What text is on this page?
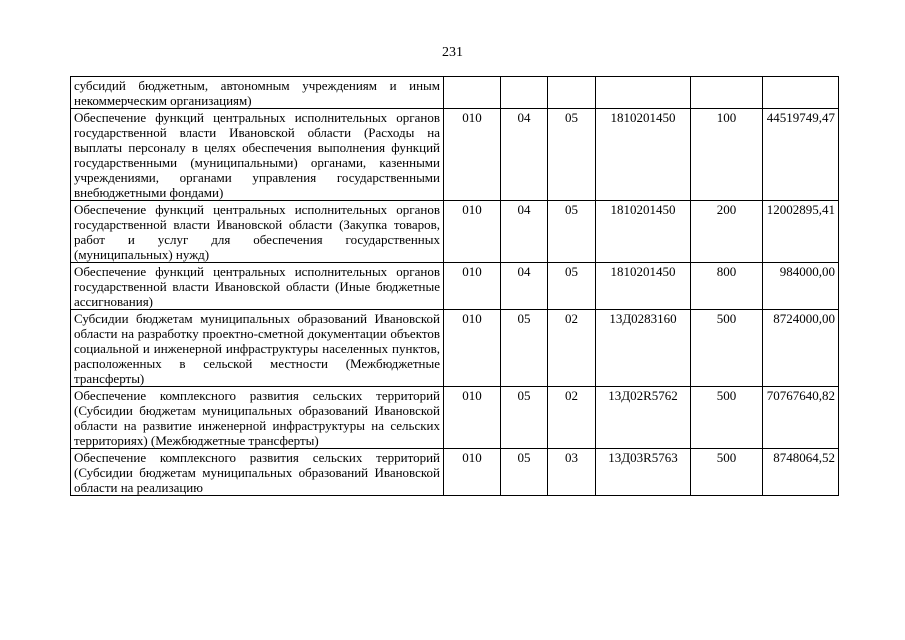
231
субсидий бюджетным, автономным учреждениям и иным некоммерческим организациям)						
Обеспечение функций центральных исполнительных органов государственной власти Ивановской области (Расходы на выплаты персоналу в целях обеспечения выполнения функций государственными (муниципальными) органами, казенными учреждениями, органами управления государственными внебюджетными фондами)	010	04	05	1810201450	100	44519749,47
Обеспечение функций центральных исполнительных органов государственной власти Ивановской области (Закупка товаров, работ и услуг для обеспечения государственных (муниципальных) нужд)	010	04	05	1810201450	200	12002895,41
Обеспечение функций центральных исполнительных органов государственной власти Ивановской области (Иные бюджетные ассигнования)	010	04	05	1810201450	800	984000,00
Субсидии бюджетам муниципальных образований Ивановской области на разработку проектно-сметной документации объектов социальной и инженерной инфраструктуры населенных пунктов, расположенных в сельской местности (Межбюджетные трансферты)	010	05	02	13Д0283160	500	8724000,00
Обеспечение комплексного развития сельских территорий (Субсидии бюджетам муниципальных образований Ивановской области на развитие инженерной инфраструктуры на сельских территориях) (Межбюджетные трансферты)	010	05	02	13Д02R5762	500	70767640,82
Обеспечение комплексного развития сельских территорий (Субсидии бюджетам муниципальных образований Ивановской области на реализацию	010	05	03	13Д03R5763	500	8748064,52
